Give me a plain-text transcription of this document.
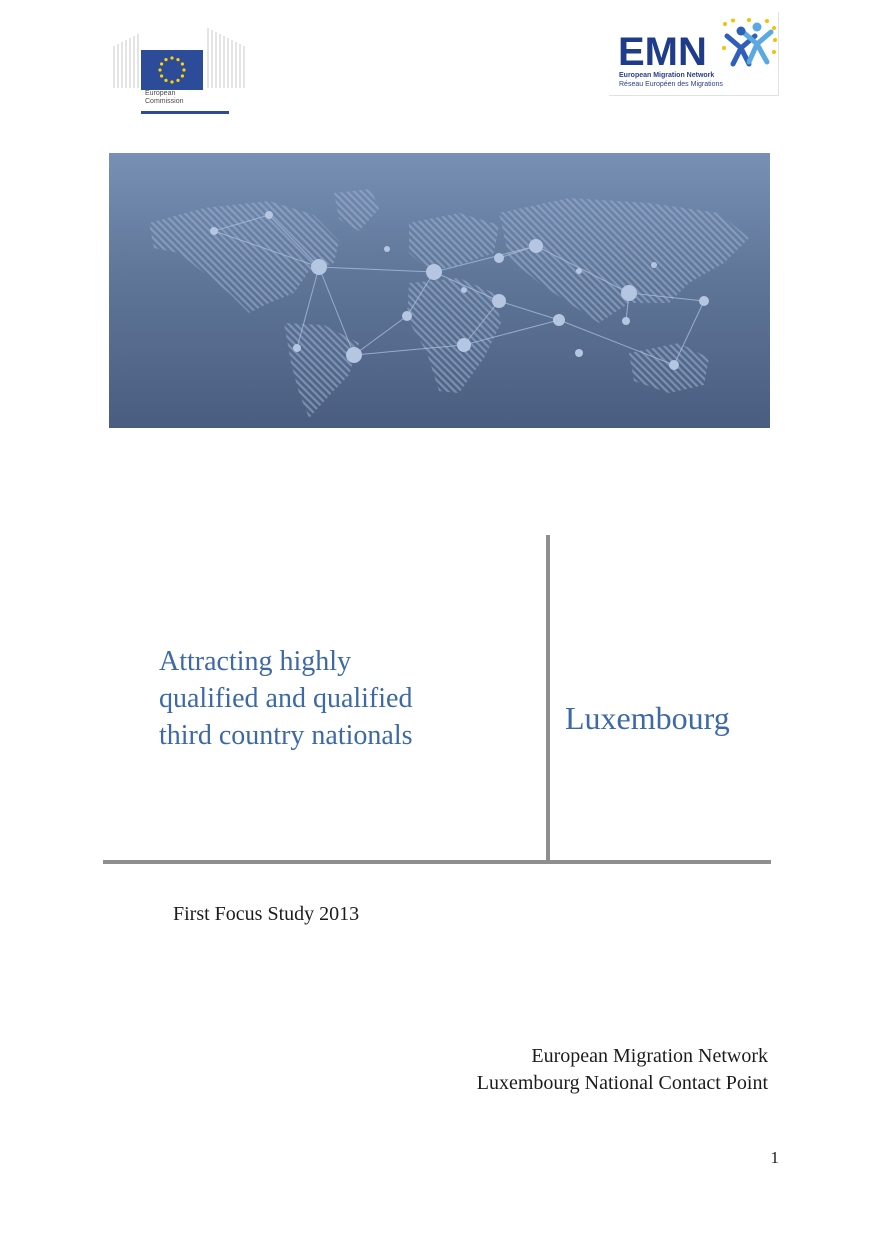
European
Commission
EMN
European Migration Network
Réseau Européen des Migrations
Attracting highly
qualified and qualified
third country nationals	Luxembourg
First Focus Study 2013
European Migration Network
Luxembourg National Contact Point
1
